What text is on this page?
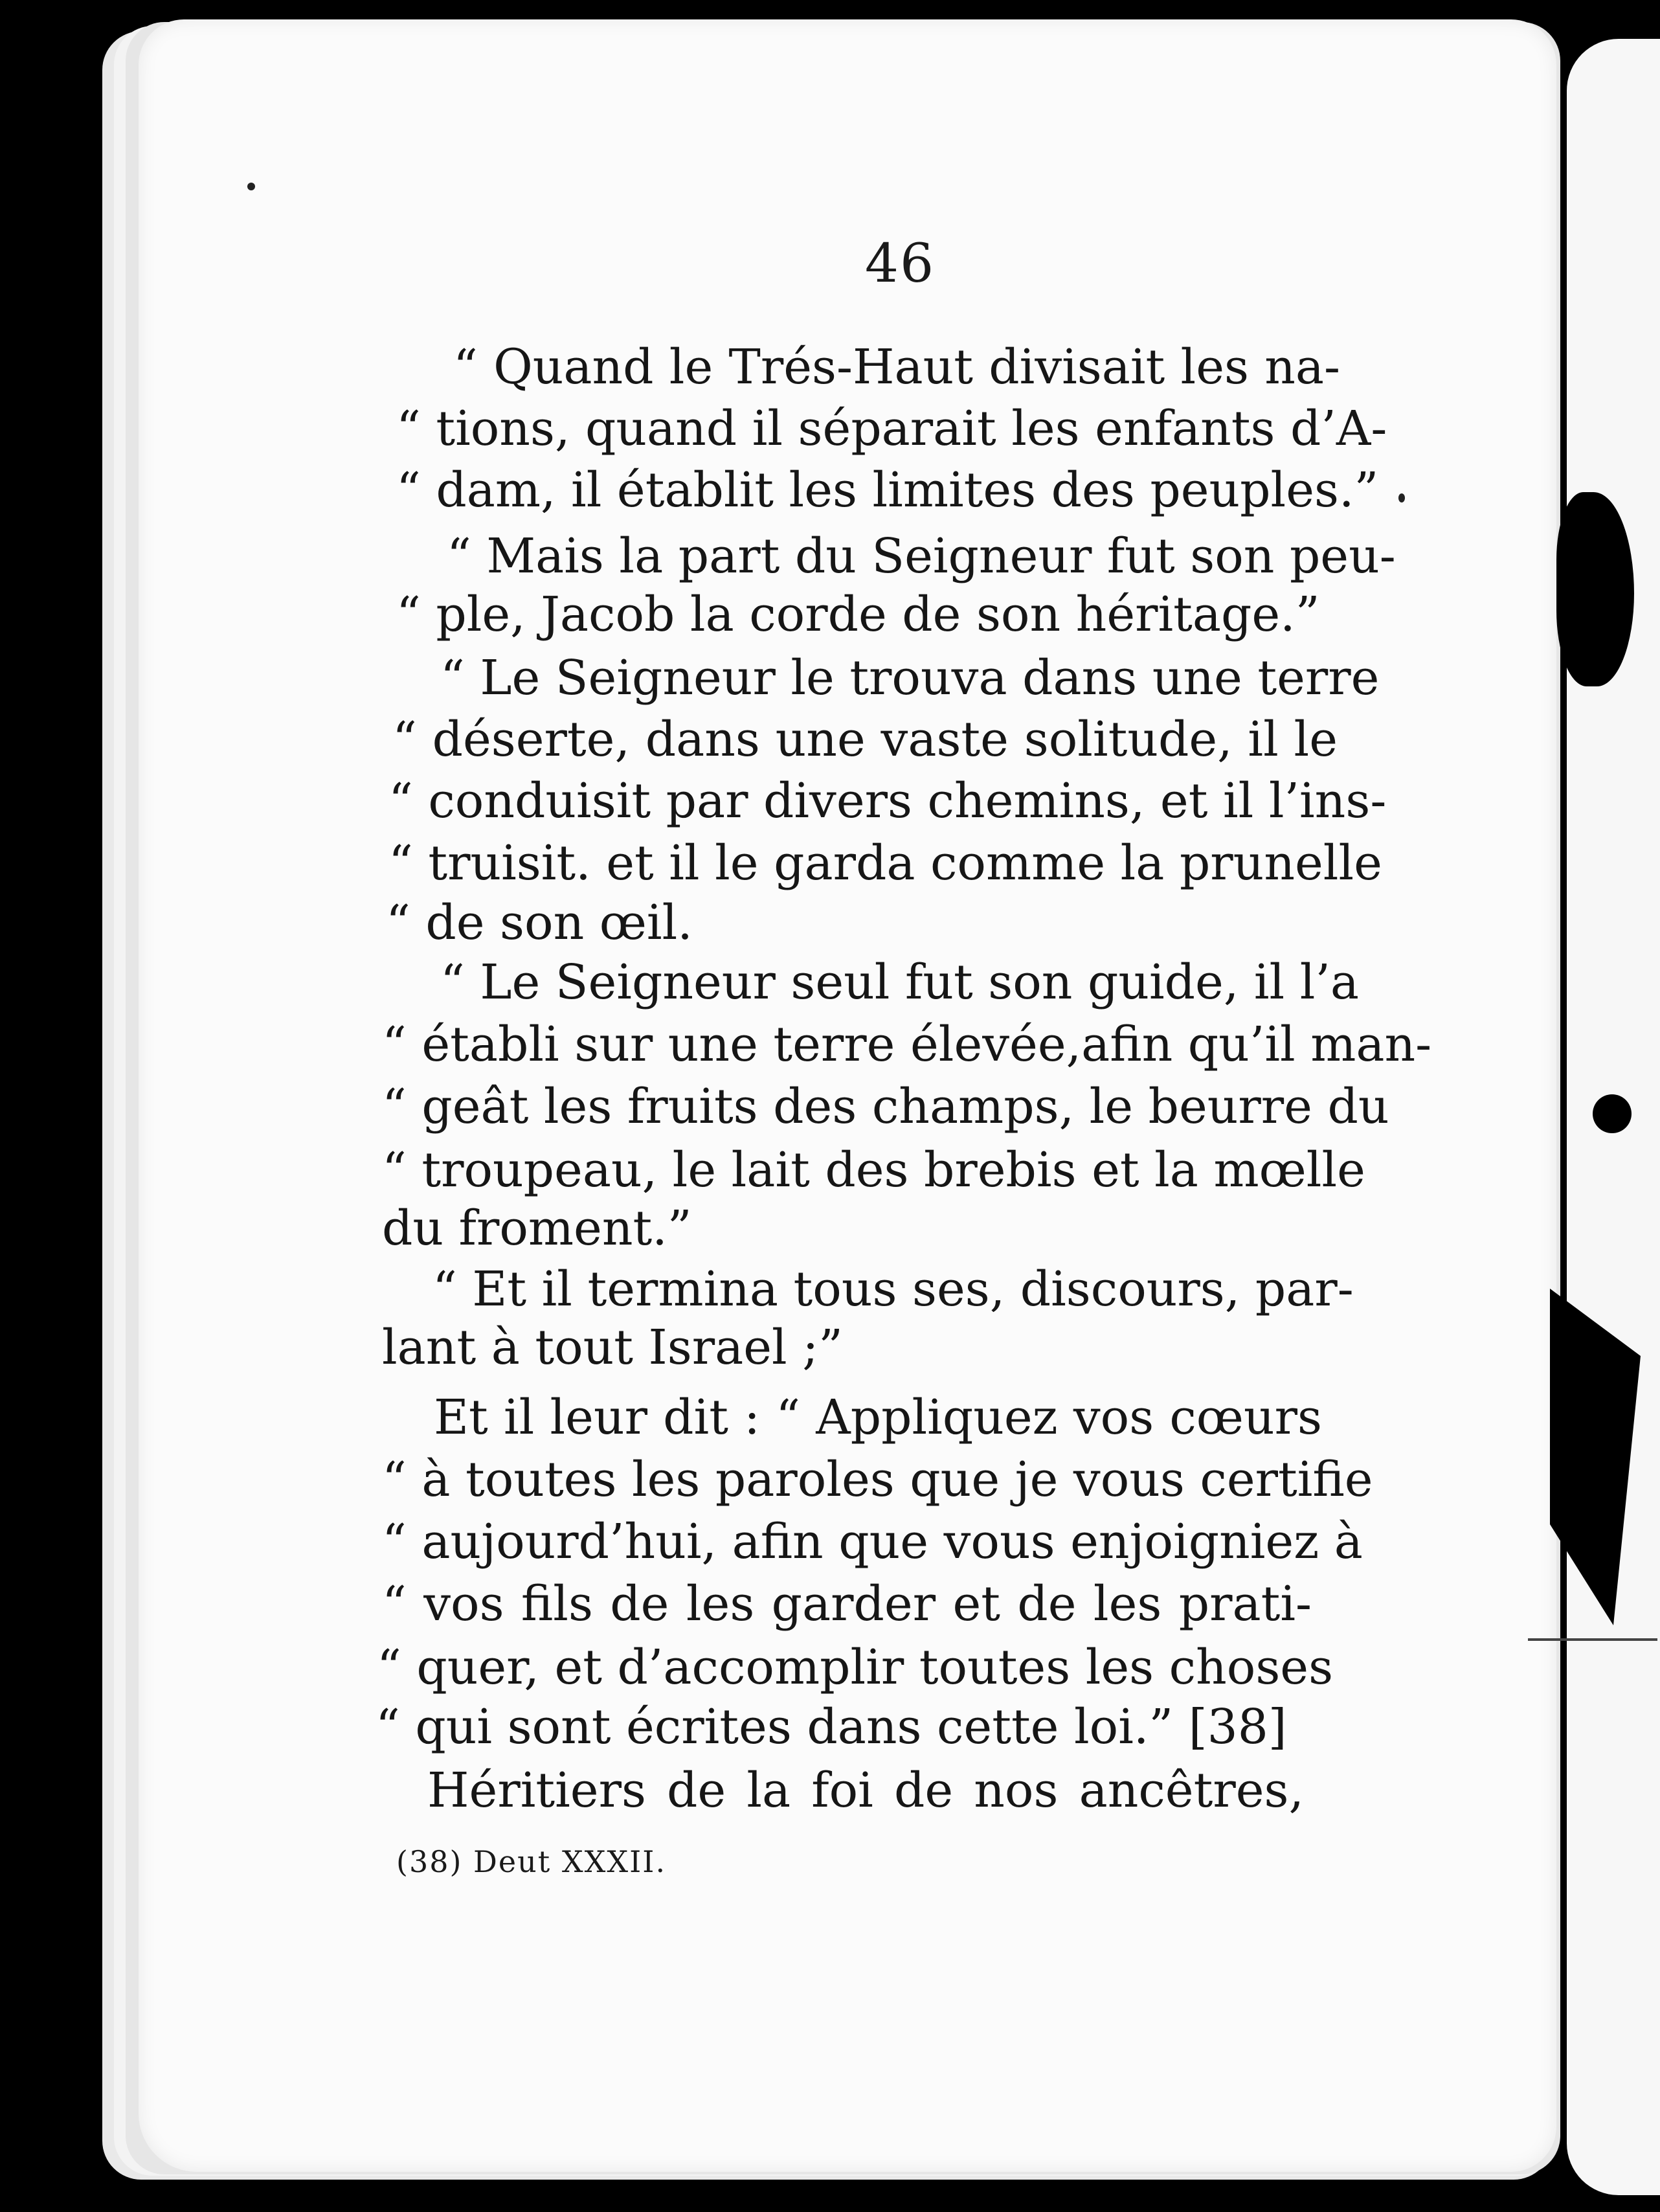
46
“ Quand le Trés-Haut divisait les na-
“ tions, quand il séparait les enfants d’A-
“ dam, il établit les limites des peuples.”
“ Mais la part du Seigneur fut son peu-
“ ple, Jacob la corde de son héritage.”
“ Le Seigneur le trouva dans une terre
“ déserte, dans une vaste solitude, il le
“ conduisit par divers chemins, et il l’ins-
“ truisit. et il le garda comme la prunelle
“ de son œil.
“ Le Seigneur seul fut son guide, il l’a
“ établi sur une terre élevée,afin qu’il man-
“ geât les fruits des champs, le beurre du
“ troupeau, le lait des brebis et la mœlle
du froment.”
“ Et il termina tous ses, discours, par-
lant à tout Israel ;”
Et il leur dit : “ Appliquez vos cœurs
“ à toutes les paroles que je vous certifie
“ aujourd’hui, afin que vous enjoigniez à
“ vos fils de les garder et de les prati-
“ quer, et d’accomplir toutes les choses
“ qui sont écrites dans cette loi.” [38]
Héritiers de la foi de nos ancêtres,
(38) Deut XXXII.
